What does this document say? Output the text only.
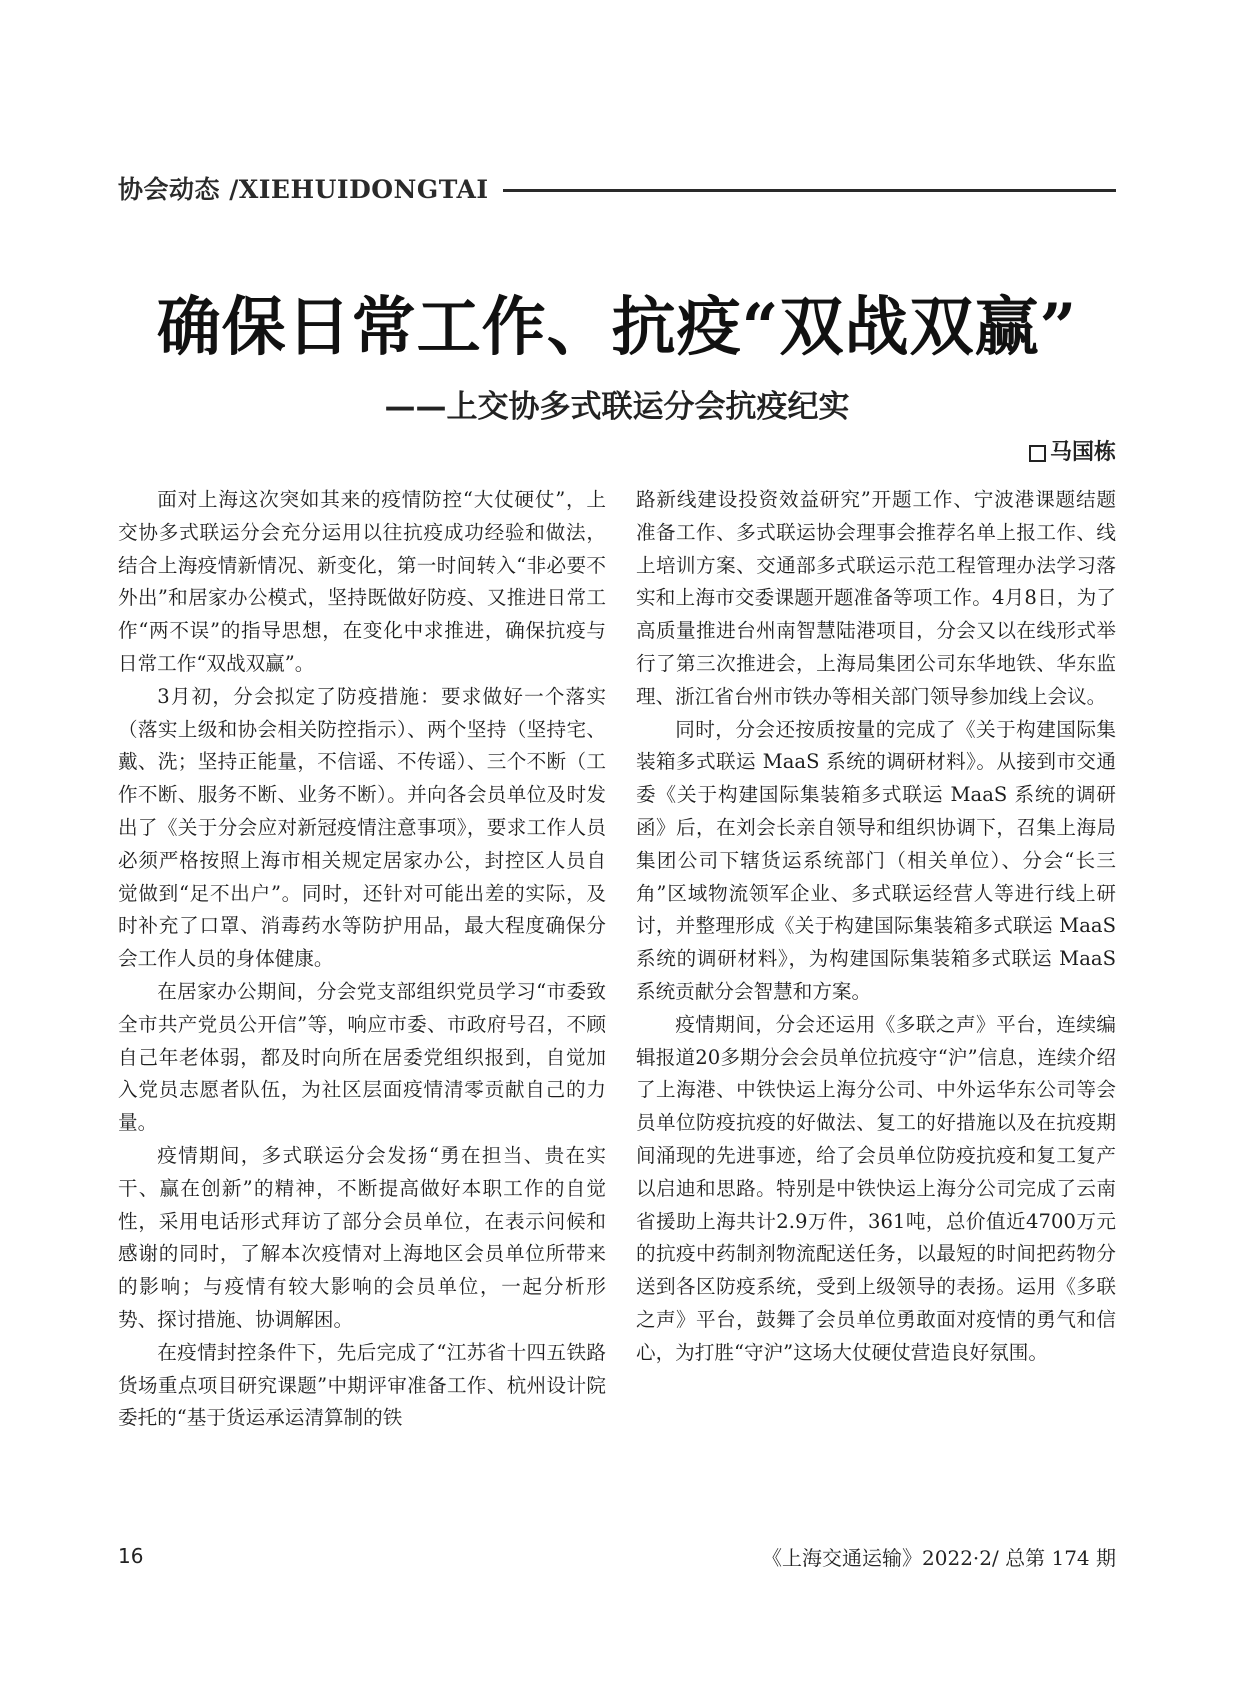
协会动态 /XIEHUIDONGTAI
确保日常工作、抗疫“双战双赢”
——上交协多式联运分会抗疫纪实
马国栋

面对上海这次突如其来的疫情防控“大仗硬仗”，上交协多式联运分会充分运用以往抗疫成功经验和做法，结合上海疫情新情况、新变化，第一时间转入“非必要不外出”和居家办公模式，坚持既做好防疫、又推进日常工作“两不误”的指导思想，在变化中求推进，确保抗疫与日常工作“双战双赢”。

3月初，分会拟定了防疫措施：要求做好一个落实（落实上级和协会相关防控指示）、两个坚持（坚持宅、戴、洗；坚持正能量，不信谣、不传谣）、三个不断（工作不断、服务不断、业务不断）。并向各会员单位及时发出了《关于分会应对新冠疫情注意事项》，要求工作人员必须严格按照上海市相关规定居家办公，封控区人员自觉做到“足不出户”。同时，还针对可能出差的实际，及时补充了口罩、消毒药水等防护用品，最大程度确保分会工作人员的身体健康。

在居家办公期间，分会党支部组织党员学习“市委致全市共产党员公开信”等，响应市委、市政府号召，不顾自己年老体弱，都及时向所在居委党组织报到，自觉加入党员志愿者队伍，为社区层面疫情清零贡献自己的力量。

疫情期间，多式联运分会发扬“勇在担当、贵在实干、赢在创新”的精神，不断提高做好本职工作的自觉性，采用电话形式拜访了部分会员单位，在表示问候和感谢的同时，了解本次疫情对上海地区会员单位所带来的影响；与疫情有较大影响的会员单位，一起分析形势、探讨措施、协调解困。

在疫情封控条件下，先后完成了“江苏省十四五铁路货场重点项目研究课题”中期评审准备工作、杭州设计院委托的“基于货运承运清算制的铁

路新线建设投资效益研究”开题工作、宁波港课题结题准备工作、多式联运协会理事会推荐名单上报工作、线上培训方案、交通部多式联运示范工程管理办法学习落实和上海市交委课题开题准备等项工作。4月8日，为了高质量推进台州南智慧陆港项目，分会又以在线形式举行了第三次推进会，上海局集团公司东华地铁、华东监理、浙江省台州市铁办等相关部门领导参加线上会议。

同时，分会还按质按量的完成了《关于构建国际集装箱多式联运 MaaS 系统的调研材料》。从接到市交通委《关于构建国际集装箱多式联运 MaaS 系统的调研函》后，在刘会长亲自领导和组织协调下，召集上海局集团公司下辖货运系统部门（相关单位）、分会“长三角”区域物流领军企业、多式联运经营人等进行线上研讨，并整理形成《关于构建国际集装箱多式联运 MaaS 系统的调研材料》，为构建国际集装箱多式联运 MaaS 系统贡献分会智慧和方案。

疫情期间，分会还运用《多联之声》平台，连续编辑报道20多期分会会员单位抗疫守“沪”信息，连续介绍了上海港、中铁快运上海分公司、中外运华东公司等会员单位防疫抗疫的好做法、复工的好措施以及在抗疫期间涌现的先进事迹，给了会员单位防疫抗疫和复工复产以启迪和思路。特别是中铁快运上海分公司完成了云南省援助上海共计2.9万件，361吨，总价值近4700万元的抗疫中药制剂物流配送任务，以最短的时间把药物分送到各区防疫系统，受到上级领导的表扬。运用《多联之声》平台，鼓舞了会员单位勇敢面对疫情的勇气和信心，为打胜“守沪”这场大仗硬仗营造良好氛围。

16	《上海交通运输》2022·2/ 总第 174 期
